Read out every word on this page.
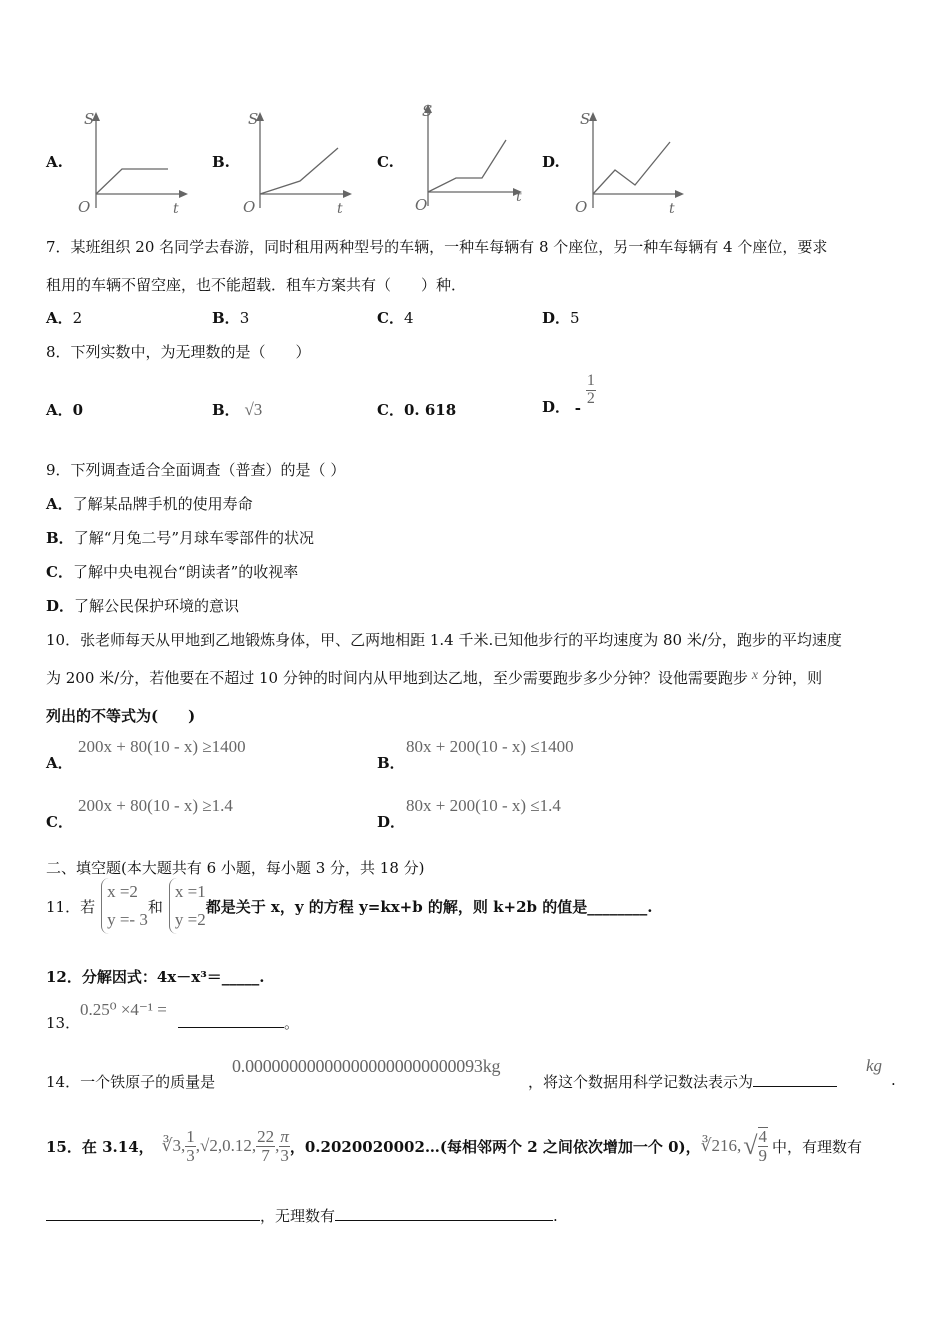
A.	B.	C.	D.
S
O	t
S
O	t
S
O	t
S
O	t
7．某班组织 20 名同学去春游，同时租用两种型号的车辆，一种车每辆有 8 个座位，另一种车每辆有 4 个座位，要求
租用的车辆不留空座，也不能超载．租车方案共有（　　）种．
A．2	B．3	C．4	D．5
8．下列实数中，为无理数的是（　　）
A．0	B． √3	C．0. 618	D． -
$\frac{1}{2}$
9．下列调查适合全面调查（普查）的是（ ）
A．了解某品牌手机的使用寿命
B．了解“月兔二号”月球车零部件的状况
C．了解中央电视台“朗读者”的收视率
D．了解公民保护环境的意识
10．张老师每天从甲地到乙地锻炼身体，甲、乙两地相距 1.4 千米.已知他步行的平均速度为 80 米/分，跑步的平均速度
为 200 米/分，若他要在不超过 10 分钟的时间内从甲地到达乙地，至少需要跑步多少分钟？设他需要跑步 x 分钟，则
列出的不等式为(　　)
A．
200x + 80(10 - x) ≥1400
B．
80x + 200(10 - x) ≤1400
C．
200x + 80(10 - x) ≥1.4
D．
80x + 200(10 - x) ≤1.4
二、填空题(本大题共有 6 小题，每小题 3 分，共 18 分)
11．若
x =2
y =- 3
和
x =1
y =2
都是关于 x，y 的方程 y=kx+b 的解，则 k+2b 的值是________.
12．分解因式：4x－x³＝_____.
13．
0.25⁰ ×4⁻¹ =
。
14．一个铁原子的质量是
0.000000000000000000000000093kg
，将这个数据用科学记数法表示为
kg
.
15．在 3.14， ∛3, $\frac{1}{3} ,√2,0.12$, $\frac{22}{7}$ , $\frac{\pi}{3}$ ，0.2020020002…(每相邻两个 2 之间依次增加一个 0)， ∛216, √ $\frac{4}{9}$ 中，有理数有
，无理数有	.
